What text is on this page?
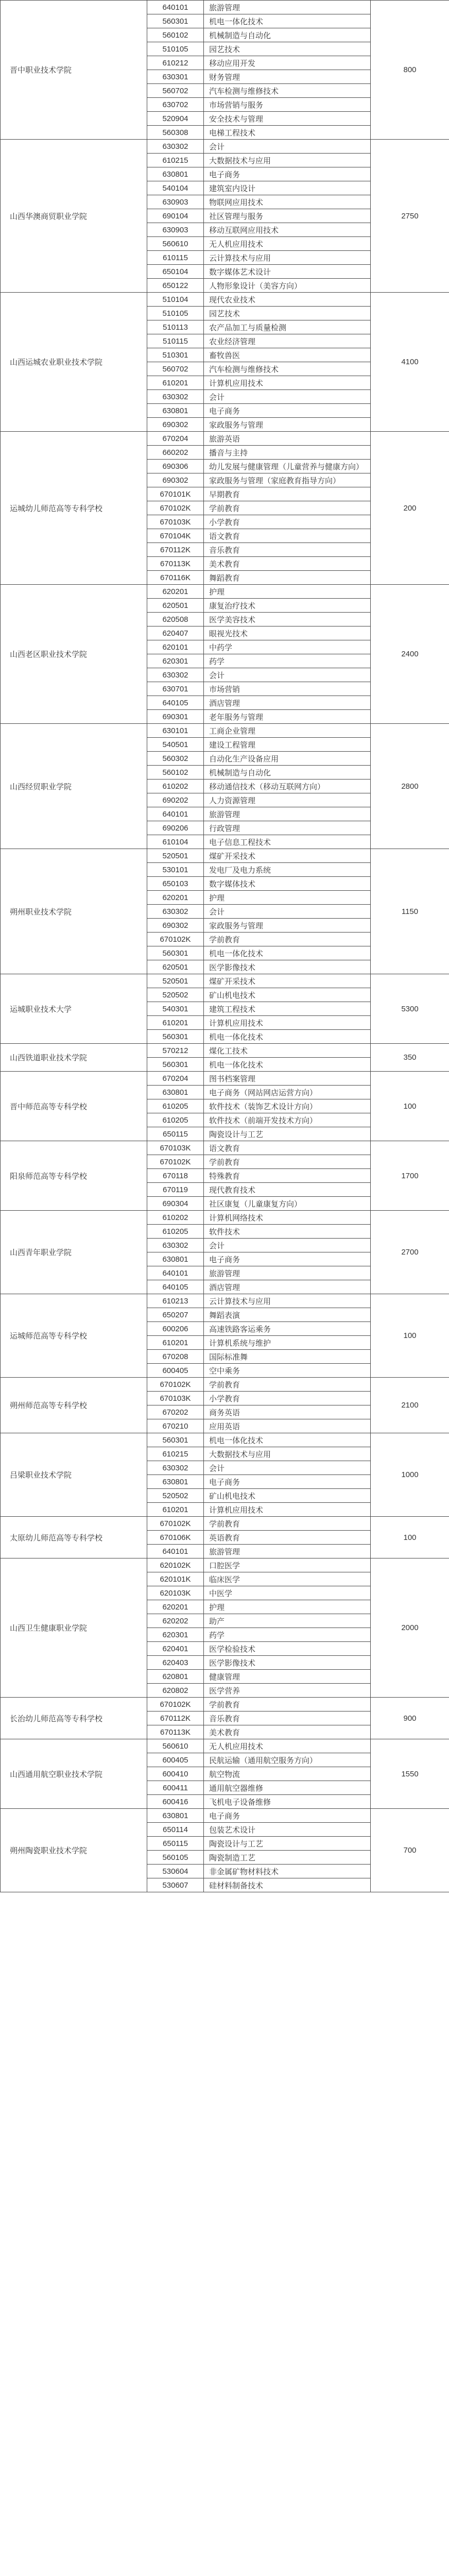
晋中职业技术学院	640101	旅游管理	800
	560301	机电一体化技术	
	560102	机械制造与自动化	
	510105	园艺技术	
	610212	移动应用开发	
	630301	财务管理	
	560702	汽车检测与维修技术	
	630702	市场营销与服务	
	520904	安全技术与管理	
	560308	电梯工程技术	
山西华澳商贸职业学院	630302	会计	2750
	610215	大数据技术与应用	
	630801	电子商务	
	540104	建筑室内设计	
	630903	物联网应用技术	
	690104	社区管理与服务	
	630903	移动互联网应用技术	
	560610	无人机应用技术	
	610115	云计算技术与应用	
	650104	数字媒体艺术设计	
	650122	人物形象设计（美容方向）	
山西运城农业职业技术学院	510104	现代农业技术	4100
	510105	园艺技术	
	510113	农产品加工与质量检测	
	510115	农业经济管理	
	510301	畜牧兽医	
	560702	汽车检测与维修技术	
	610201	计算机应用技术	
	630302	会计	
	630801	电子商务	
	690302	家政服务与管理	
运城幼儿师范高等专科学校	670204	旅游英语	200
	660202	播音与主持	
	690306	幼儿发展与健康管理（儿童营养与健康方向）	
	690302	家政服务与管理（家庭教育指导方向）	
	670101K	早期教育	
	670102K	学前教育	
	670103K	小学教育	
	670104K	语文教育	
	670112K	音乐教育	
	670113K	美术教育	
	670116K	舞蹈教育	
山西老区职业技术学院	620201	护理	2400
	620501	康复治疗技术	
	620508	医学美容技术	
	620407	眼视光技术	
	620101	中药学	
	620301	药学	
	630302	会计	
	630701	市场营销	
	640105	酒店管理	
	690301	老年服务与管理	
山西经贸职业学院	630101	工商企业管理	2800
	540501	建设工程管理	
	560302	自动化生产设备应用	
	560102	机械制造与自动化	
	610202	移动通信技术（移动互联网方向）	
	690202	人力资源管理	
	640101	旅游管理	
	690206	行政管理	
	610104	电子信息工程技术	
朔州职业技术学院	520501	煤矿开采技术	1150
	530101	发电厂及电力系统	
	650103	数字媒体技术	
	620201	护理	
	630302	会计	
	690302	家政服务与管理	
	670102K	学前教育	
	560301	机电一体化技术	
	620501	医学影像技术	
运城职业技术大学	520501	煤矿开采技术	5300
	520502	矿山机电技术	
	540301	建筑工程技术	
	610201	计算机应用技术	
	560301	机电一体化技术	
山西铁道职业技术学院	570212	煤化工技术	350
	560301	机电一体化技术	
晋中师范高等专科学校	670204	图书档案管理	100
	630801	电子商务（网站网店运营方向）	
	610205	软件技术（装饰艺术设计方向）	
	610205	软件技术（前端开发技术方向）	
	650115	陶瓷设计与工艺	
阳泉师范高等专科学校	670103K	语文教育	1700
	670102K	学前教育	
	670118	特殊教育	
	670119	现代教育技术	
	690304	社区康复（儿童康复方向）	
山西青年职业学院	610202	计算机网络技术	2700
	610205	软件技术	
	630302	会计	
	630801	电子商务	
	640101	旅游管理	
	640105	酒店管理	
运城师范高等专科学校	610213	云计算技术与应用	100
	650207	舞蹈表演	
	600206	高速铁路客运乘务	
	610201	计算机系统与维护	
	670208	国际标准舞	
	600405	空中乘务	
朔州师范高等专科学校	670102K	学前教育	2100
	670103K	小学教育	
	670202	商务英语	
	670210	应用英语	
吕梁职业技术学院	560301	机电一体化技术	1000
	610215	大数据技术与应用	
	630302	会计	
	630801	电子商务	
	520502	矿山机电技术	
	610201	计算机应用技术	
太原幼儿师范高等专科学校	670102K	学前教育	100
	670106K	英语教育	
	640101	旅游管理	
山西卫生健康职业学院	620102K	口腔医学	2000
	620101K	临床医学	
	620103K	中医学	
	620201	护理	
	620202	助产	
	620301	药学	
	620401	医学检验技术	
	620403	医学影像技术	
	620801	健康管理	
	620802	医学营养	
长治幼儿师范高等专科学校	670102K	学前教育	900
	670112K	音乐教育	
	670113K	美术教育	
山西通用航空职业技术学院	560610	无人机应用技术	1550
	600405	民航运输（通用航空服务方向）	
	600410	航空物流	
	600411	通用航空器维修	
	600416	飞机电子设备维修	
朔州陶瓷职业技术学院	630801	电子商务	700
	650114	包装艺术设计	
	650115	陶瓷设计与工艺	
	560105	陶瓷制造工艺	
	530604	非金属矿物材料技术	
	530607	硅材料制备技术	
